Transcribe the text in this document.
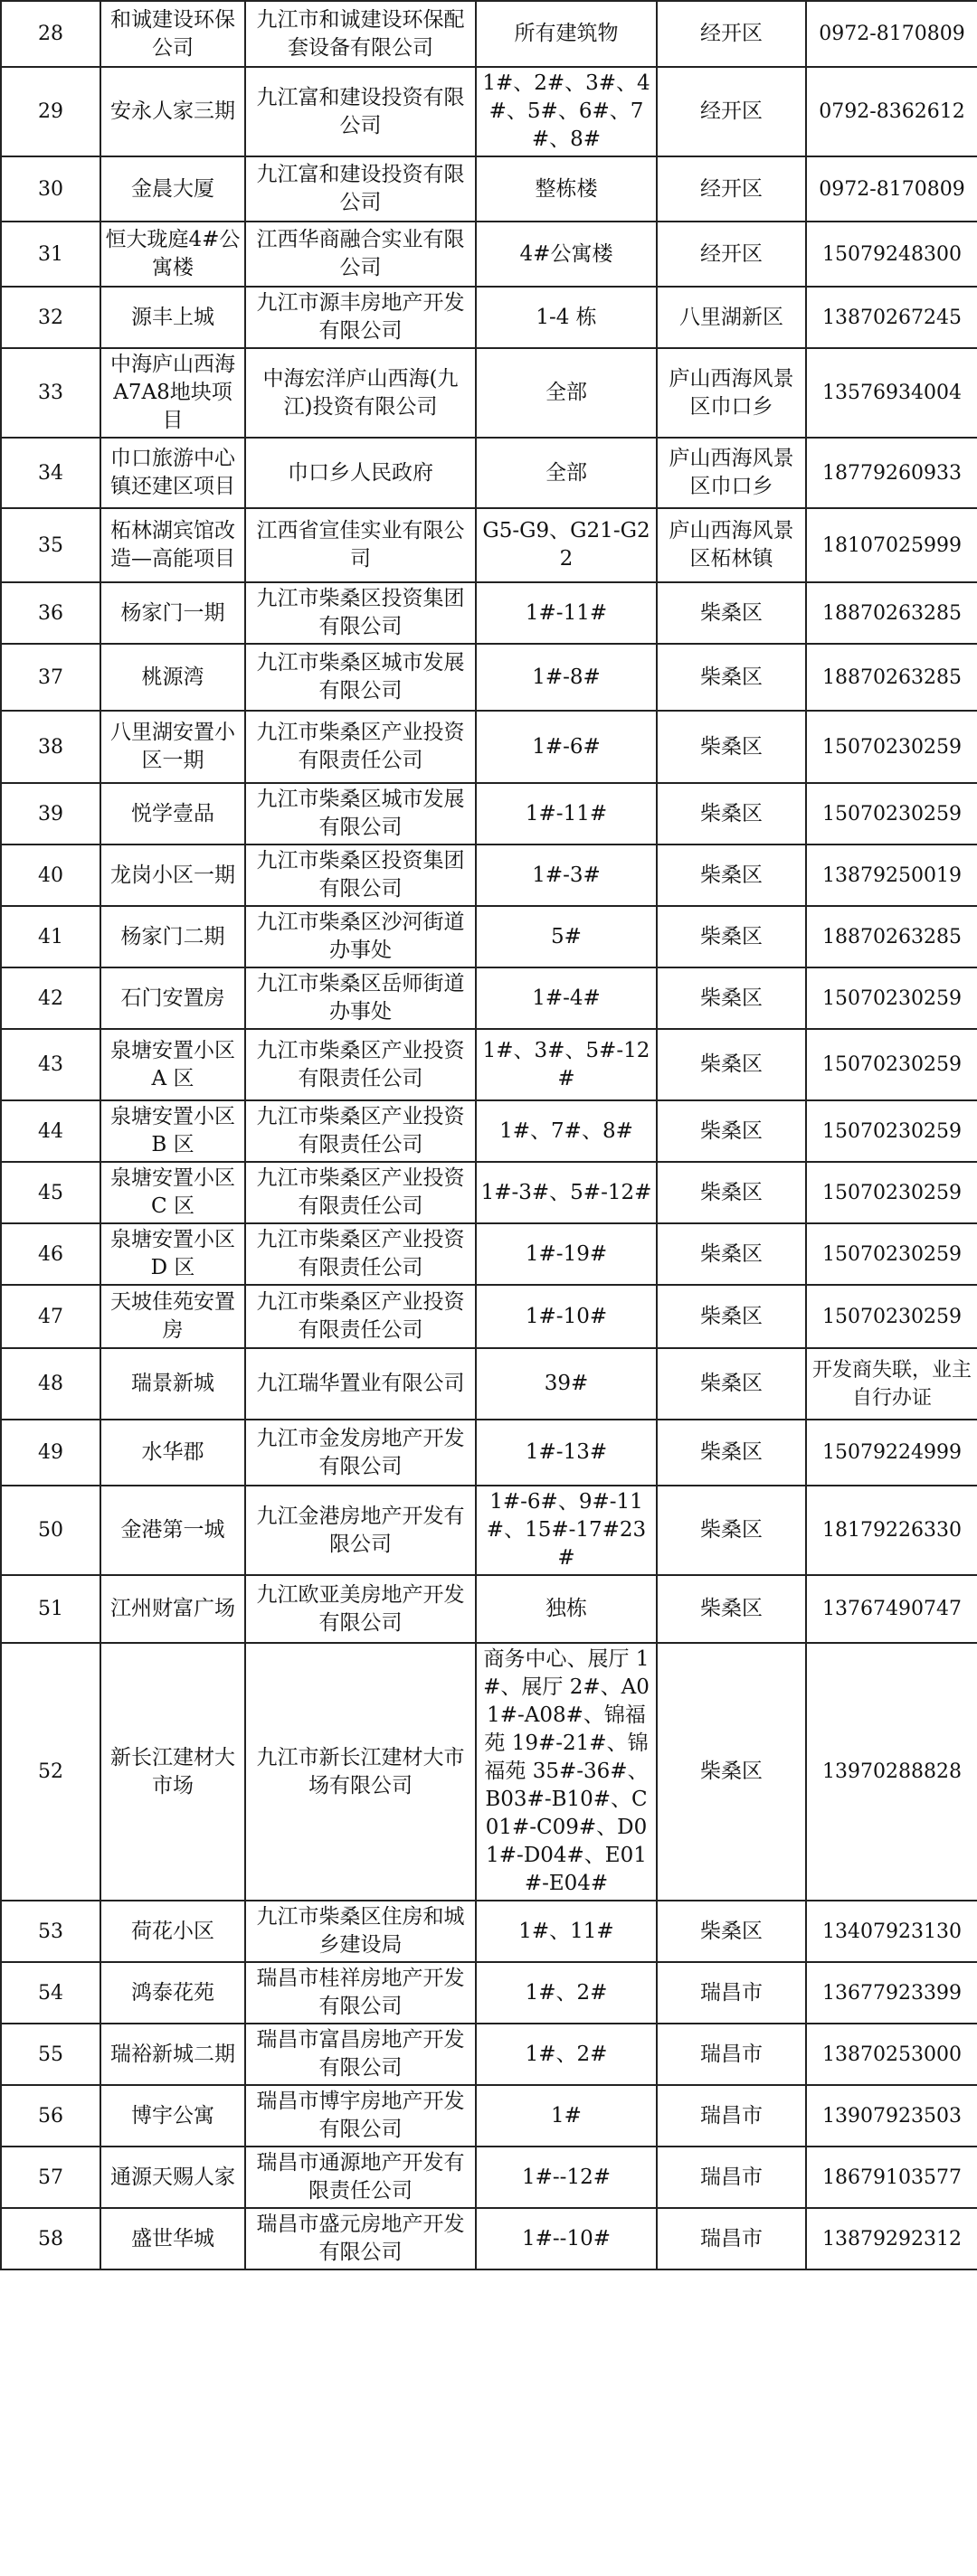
28	和诚建设环保公司	九江市和诚建设环保配套设备有限公司	所有建筑物	经开区	0972-8170809
29	安永人家三期	九江富和建设投资有限公司	1#、2#、3#、4#、5#、6#、7#、8#	经开区	0792-8362612
30	金晨大厦	九江富和建设投资有限公司	整栋楼	经开区	0972-8170809
31	恒大珑庭4#公寓楼	江西华商融合实业有限公司	4#公寓楼	经开区	15079248300
32	源丰上城	九江市源丰房地产开发有限公司	1-4 栋	八里湖新区	13870267245
33	中海庐山西海 A7A8地块项目	中海宏洋庐山西海(九江)投资有限公司	全部	庐山西海风景区巾口乡	13576934004
34	巾口旅游中心镇还建区项目	巾口乡人民政府	全部	庐山西海风景区巾口乡	18779260933
35	柘林湖宾馆改造—高能项目	江西省宣佳实业有限公司	G5-G9、G21-G22	庐山西海风景区柘林镇	18107025999
36	杨家门一期	九江市柴桑区投资集团有限公司	1#-11#	柴桑区	18870263285
37	桃源湾	九江市柴桑区城市发展有限公司	1#-8#	柴桑区	18870263285
38	八里湖安置小区一期	九江市柴桑区产业投资有限责任公司	1#-6#	柴桑区	15070230259
39	悦学壹品	九江市柴桑区城市发展有限公司	1#-11#	柴桑区	15070230259
40	龙岗小区一期	九江市柴桑区投资集团有限公司	1#-3#	柴桑区	13879250019
41	杨家门二期	九江市柴桑区沙河街道办事处	5#	柴桑区	18870263285
42	石门安置房	九江市柴桑区岳师街道办事处	1#-4#	柴桑区	15070230259
43	泉塘安置小区 A 区	九江市柴桑区产业投资有限责任公司	1#、3#、5#-12#	柴桑区	15070230259
44	泉塘安置小区 B 区	九江市柴桑区产业投资有限责任公司	1#、7#、8#	柴桑区	15070230259
45	泉塘安置小区 C 区	九江市柴桑区产业投资有限责任公司	1#-3#、5#-12#	柴桑区	15070230259
46	泉塘安置小区 D 区	九江市柴桑区产业投资有限责任公司	1#-19#	柴桑区	15070230259
47	天坡佳苑安置房	九江市柴桑区产业投资有限责任公司	1#-10#	柴桑区	15070230259
48	瑞景新城	九江瑞华置业有限公司	39#	柴桑区	开发商失联，业主自行办证
49	水华郡	九江市金发房地产开发有限公司	1#-13#	柴桑区	15079224999
50	金港第一城	九江金港房地产开发有限公司	1#-6#、9#-11#、15#-17#23#	柴桑区	18179226330
51	江州财富广场	九江欧亚美房地产开发有限公司	独栋	柴桑区	13767490747
52	新长江建材大市场	九江市新长江建材大市场有限公司	商务中心、展厅 1#、展厅 2#、A01#-A08#、锦福苑 19#-21#、锦福苑 35#-36#、B03#-B10#、C01#-C09#、D01#-D04#、E01#-E04#	柴桑区	13970288828
53	荷花小区	九江市柴桑区住房和城乡建设局	1#、11#	柴桑区	13407923130
54	鸿泰花苑	瑞昌市桂祥房地产开发有限公司	1#、2#	瑞昌市	13677923399
55	瑞裕新城二期	瑞昌市富昌房地产开发有限公司	1#、2#	瑞昌市	13870253000
56	博宇公寓	瑞昌市博宇房地产开发有限公司	1#	瑞昌市	13907923503
57	通源天赐人家	瑞昌市通源地产开发有限责任公司	1#--12#	瑞昌市	18679103577
58	盛世华城	瑞昌市盛元房地产开发有限公司	1#--10#	瑞昌市	13879292312
